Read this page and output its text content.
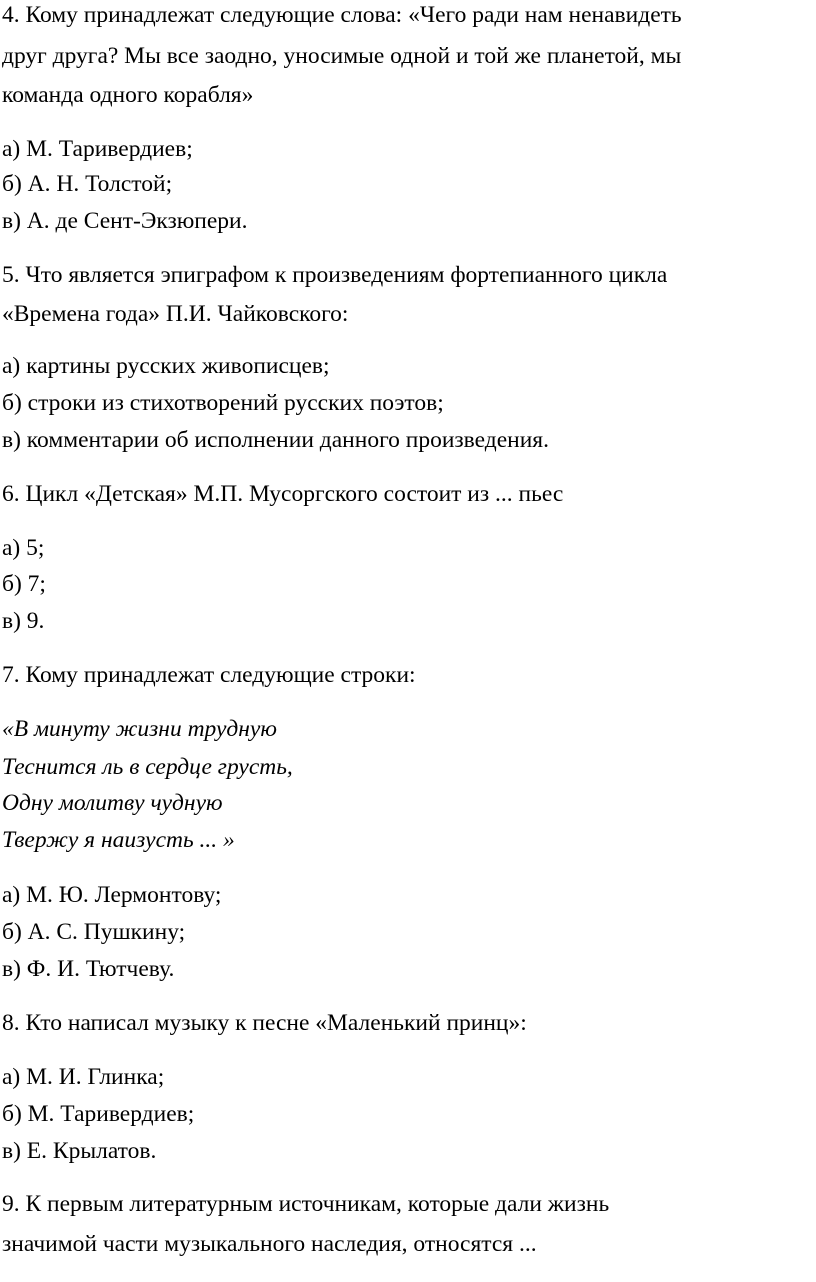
4. Кому принадлежат следующие слова: «Чего ради нам ненавидеть
друг друга? Мы все заодно, уносимые одной и той же планетой, мы
команда одного корабля»
а) М. Таривердиев;
б) А. Н. Толстой;
в) А. де Сент-Экзюпери.
5. Что является эпиграфом к произведениям фортепианного цикла
«Времена года» П.И. Чайковского:
а) картины русских живописцев;
б) строки из стихотворений русских поэтов;
в) комментарии об исполнении данного произведения.
6. Цикл «Детская» М.П. Мусоргского состоит из ... пьес
а) 5;
б) 7;
в) 9.
7. Кому принадлежат следующие строки:
«В минуту жизни трудную
Теснится ль в сердце грусть,
Одну молитву чудную
Твержу я наизусть ... »
а) М. Ю. Лермонтову;
б) А. С. Пушкину;
в) Ф. И. Тютчеву.
8. Кто написал музыку к песне «Маленький принц»:
а) М. И. Глинка;
б) М. Таривердиев;
в) Е. Крылатов.
9. К первым литературным источникам, которые дали жизнь
значимой части музыкального наследия, относятся ...
